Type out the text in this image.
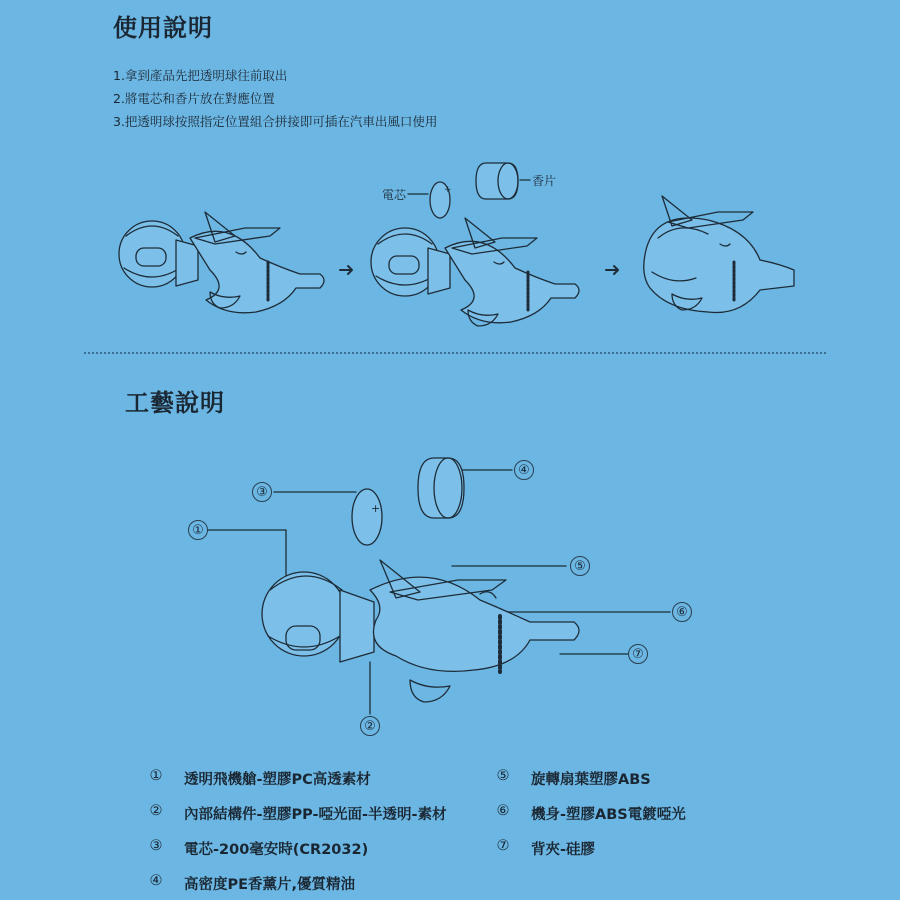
使用說明
1.拿到產品先把透明球往前取出
2.將電芯和香片放在對應位置
3.把透明球按照指定位置組合拼接即可插在汽車出風口使用
電芯
香片
+
工藝說明
+
①
③
④
⑤
⑥
⑦
②

① 透明飛機艙-塑膠PC高透素材
② 內部結構件-塑膠PP-啞光面-半透明-素材
③ 電芯-200毫安時(CR2032)
④ 高密度PE香薰片,優質精油
⑤ 旋轉扇葉塑膠ABS
⑥ 機身-塑膠ABS電鍍啞光
⑦ 背夾-硅膠
